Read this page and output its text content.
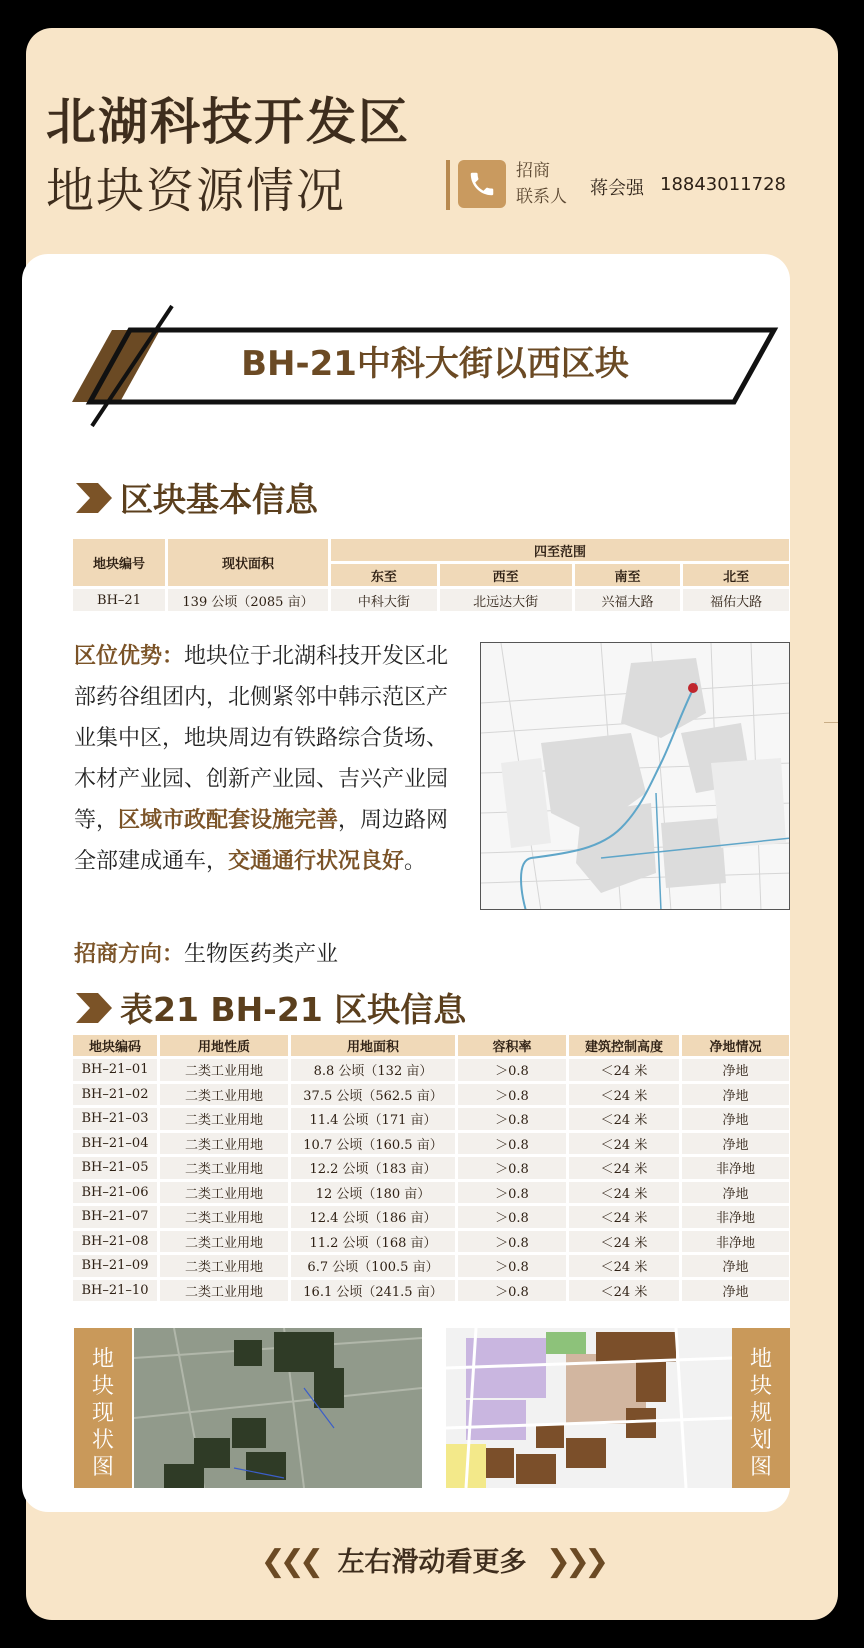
北湖科技开发区
地块资源情况	招商
联系人 蒋会强 18843011728
BH-21中科大街以西区块
区块基本信息
地块编号	现状面积	四至范围			
		东至	西至	南至	北至
BH–21	139 公顷（2085 亩）	中科大街	北远达大街	兴福大路	福佑大路
区位优势：地块位于北湖科技开发区北部药谷组团内，北侧紧邻中韩示范区产业集中区，地块周边有铁路综合货场、木材产业园、创新产业园、吉兴产业园等，区域市政配套设施完善，周边路网全部建成通车，交通通行状况良好。
招商方向：生物医药类产业
表21 BH-21 区块信息
地块编码	用地性质	用地面积	容积率	建筑控制高度	净地情况
BH–21–01	二类工业用地	8.8 公顷（132 亩）	＞0.8	＜24 米	净地
BH–21–02	二类工业用地	37.5 公顷（562.5 亩）	＞0.8	＜24 米	净地
BH–21–03	二类工业用地	11.4 公顷（171 亩）	＞0.8	＜24 米	净地
BH–21–04	二类工业用地	10.7 公顷（160.5 亩）	＞0.8	＜24 米	净地
BH–21–05	二类工业用地	12.2 公顷（183 亩）	＞0.8	＜24 米	非净地
BH–21–06	二类工业用地	12 公顷（180 亩）	＞0.8	＜24 米	净地
BH–21–07	二类工业用地	12.4 公顷（186 亩）	＞0.8	＜24 米	非净地
BH–21–08	二类工业用地	11.2 公顷（168 亩）	＞0.8	＜24 米	非净地
BH–21–09	二类工业用地	6.7 公顷（100.5 亩）	＞0.8	＜24 米	净地
BH–21–10	二类工业用地	16.1 公顷（241.5 亩）	＞0.8	＜24 米	净地
地块现状图
地块规划图
❮❮❮ 左右滑动看更多 ❯❯❯
